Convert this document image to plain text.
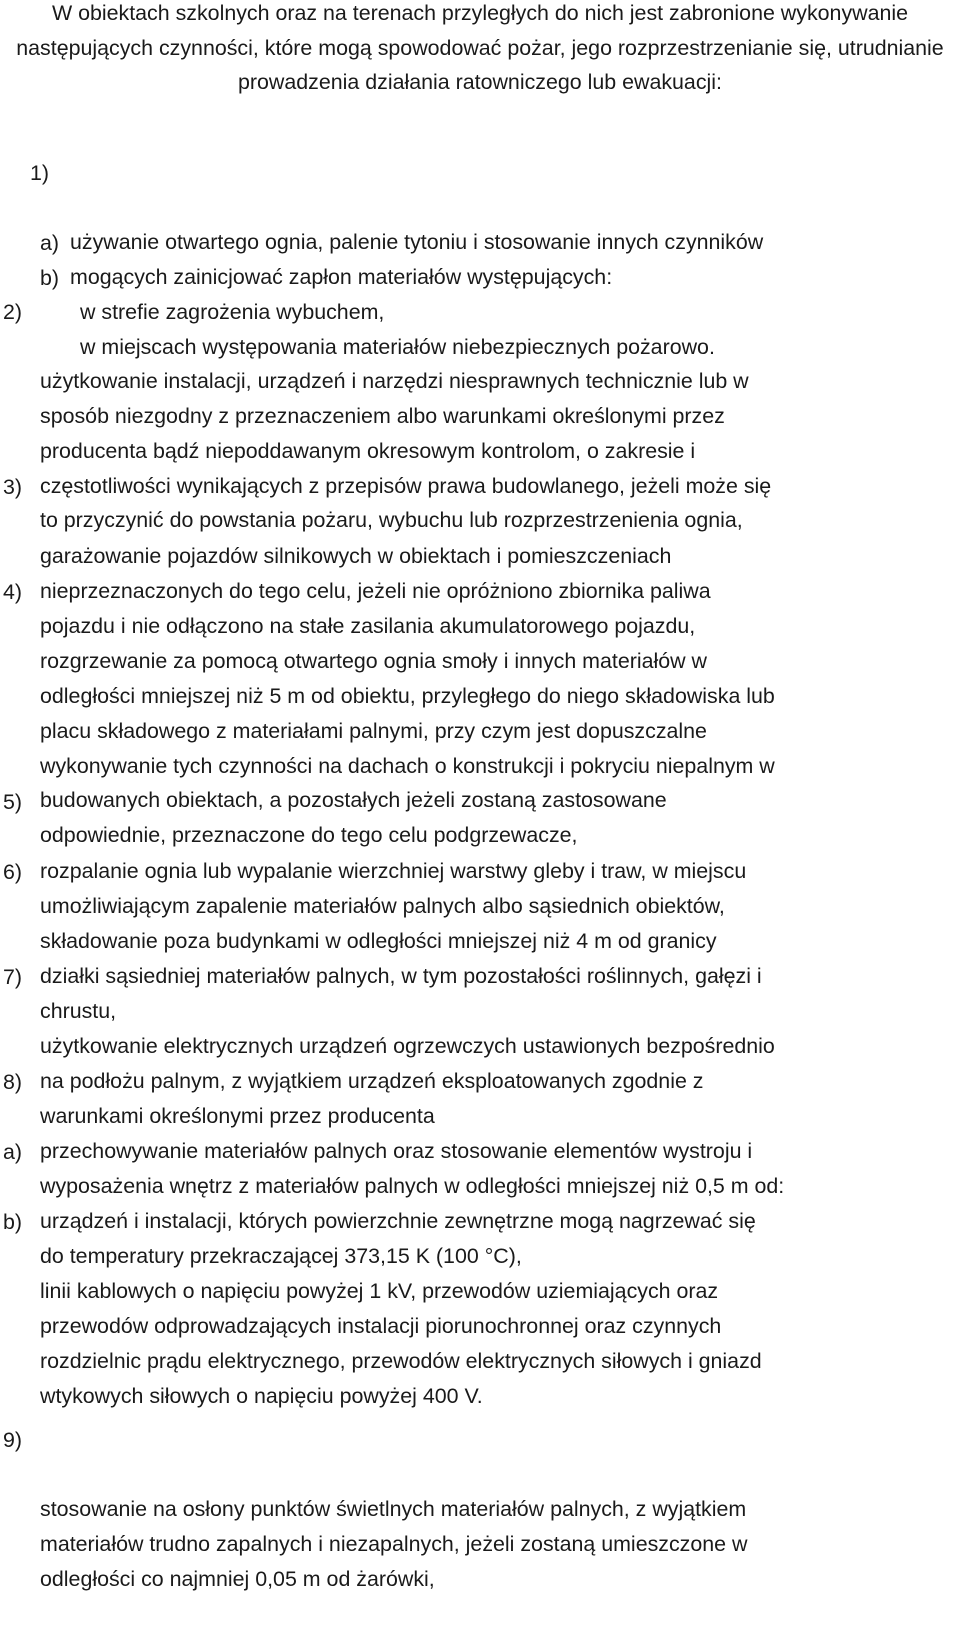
W obiektach szkolnych oraz na terenach przyległych do nich jest zabronione wykonywanie następujących czynności, które mogą spowodować pożar, jego rozprzestrzenianie się, utrudnianie prowadzenia działania ratowniczego lub ewakuacji:

1)

używanie otwartego ognia, palenie tytoniu i stosowanie innych czynników
mogących zainicjować zapłon materiałów występujących:

a)

w strefie zagrożenia wybuchem,

b)

w miejscach występowania materiałów niebezpiecznych pożarowo.

2)

użytkowanie instalacji, urządzeń i narzędzi niesprawnych technicznie lub w
sposób niezgodny z przeznaczeniem albo warunkami określonymi przez
producenta bądź niepoddawanym okresowym kontrolom, o zakresie i
częstotliwości wynikających z przepisów prawa budowlanego, jeżeli może się
to przyczynić do powstania pożaru, wybuchu lub rozprzestrzenienia ognia,

3)

garażowanie pojazdów silnikowych w obiektach i pomieszczeniach
nieprzeznaczonych do tego celu, jeżeli nie opróżniono zbiornika paliwa
pojazdu i nie odłączono na stałe zasilania akumulatorowego pojazdu,

4)

rozgrzewanie za pomocą otwartego ognia smoły i innych materiałów w
odległości mniejszej niż 5 m od obiektu, przyległego do niego składowiska lub
placu składowego z materiałami palnymi, przy czym jest dopuszczalne
wykonywanie tych czynności na dachach o konstrukcji i pokryciu niepalnym w
budowanych obiektach, a pozostałych jeżeli zostaną zastosowane
odpowiednie, przeznaczone do tego celu podgrzewacze,

5)

rozpalanie ognia lub wypalanie wierzchniej warstwy gleby i traw, w miejscu
umożliwiającym zapalenie materiałów palnych albo sąsiednich obiektów,

6)

składowanie poza budynkami w odległości mniejszej niż 4 m od granicy
działki sąsiedniej materiałów palnych, w tym pozostałości roślinnych, gałęzi i
chrustu,

7)

użytkowanie elektrycznych urządzeń ogrzewczych ustawionych bezpośrednio
na podłożu palnym, z wyjątkiem urządzeń eksploatowanych zgodnie z
warunkami określonymi przez producenta

8)

przechowywanie materiałów palnych oraz stosowanie elementów wystroju i
wyposażenia wnętrz z materiałów palnych w odległości mniejszej niż 0,5 m od:

a)

urządzeń i instalacji, których powierzchnie zewnętrzne mogą nagrzewać się
do temperatury przekraczającej 373,15 K (100 °C),

b)

linii kablowych o napięciu powyżej 1 kV, przewodów uziemiających oraz
przewodów odprowadzających instalacji piorunochronnej oraz czynnych
rozdzielnic prądu elektrycznego, przewodów elektrycznych siłowych i gniazd
wtykowych siłowych o napięciu powyżej 400 V.

9)

stosowanie na osłony punktów świetlnych materiałów palnych, z wyjątkiem
materiałów trudno zapalnych i niezapalnych, jeżeli zostaną umieszczone w
odległości co najmniej 0,05 m od żarówki,
